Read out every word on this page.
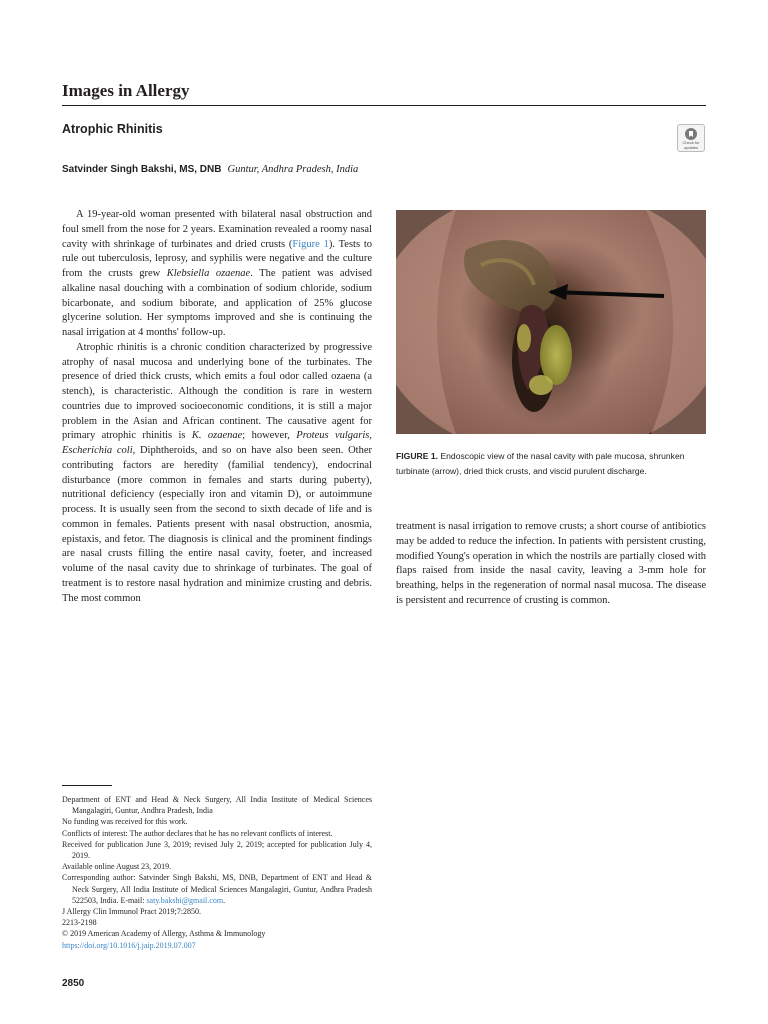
Images in Allergy
Atrophic Rhinitis
Check for updates
Satvinder Singh Bakshi, MS, DNB Guntur, Andhra Pradesh, India

A 19-year-old woman presented with bilateral nasal obstruction and foul smell from the nose for 2 years. Examination revealed a roomy nasal cavity with shrinkage of turbinates and dried crusts (Figure 1). Tests to rule out tuberculosis, leprosy, and syphilis were negative and the culture from the crusts grew Klebsiella ozaenae. The patient was advised alkaline nasal douching with a combination of sodium chloride, sodium bicarbonate, and sodium biborate, and application of 25% glucose glycerine solution. Her symptoms improved and she is continuing the nasal irrigation at 4 months' follow-up.

Atrophic rhinitis is a chronic condition characterized by progressive atrophy of nasal mucosa and underlying bone of the turbinates. The presence of dried thick crusts, which emits a foul odor called ozaena (a stench), is characteristic. Although the condition is rare in western countries due to improved socioeconomic conditions, it is still a major problem in the Asian and African continent. The causative agent for primary atrophic rhinitis is K. ozaenae; however, Proteus vulgaris, Escherichia coli, Diphtheroids, and so on have also been seen. Other contributing factors are heredity (familial tendency), endocrinal disturbance (more common in females and starts during puberty), nutritional deficiency (especially iron and vitamin D), or autoimmune process. It is usually seen from the second to sixth decade of life and is common in females. Patients present with nasal obstruction, anosmia, epistaxis, and fetor. The diagnosis is clinical and the prominent findings are nasal crusts filling the entire nasal cavity, foeter, and increased volume of the nasal cavity due to shrinkage of turbinates. The goal of treatment is to restore nasal hydration and minimize crusting and debris. The most common

FIGURE 1. Endoscopic view of the nasal cavity with pale mucosa, shrunken turbinate (arrow), dried thick crusts, and viscid purulent discharge.

treatment is nasal irrigation to remove crusts; a short course of antibiotics may be added to reduce the infection. In patients with persistent crusting, modified Young's operation in which the nostrils are partially closed with flaps raised from inside the nasal cavity, leaving a 3-mm hole for breathing, helps in the regeneration of normal nasal mucosa. The disease is persistent and recurrence of crusting is common.

Department of ENT and Head & Neck Surgery, All India Institute of Medical Sciences Mangalagiri, Guntur, Andhra Pradesh, India
No funding was received for this work.
Conflicts of interest: The author declares that he has no relevant conflicts of interest.
Received for publication June 3, 2019; revised July 2, 2019; accepted for publication July 4, 2019.
Available online August 23, 2019.
Corresponding author: Satvinder Singh Bakshi, MS, DNB, Department of ENT and Head & Neck Surgery, All India Institute of Medical Sciences Mangalagiri, Guntur, Andhra Pradesh 522503, India. E-mail: saty.bakshi@gmail.com.
J Allergy Clin Immunol Pract 2019;7:2850.
2213-2198
© 2019 American Academy of Allergy, Asthma & Immunology
https://doi.org/10.1016/j.jaip.2019.07.007
2850
